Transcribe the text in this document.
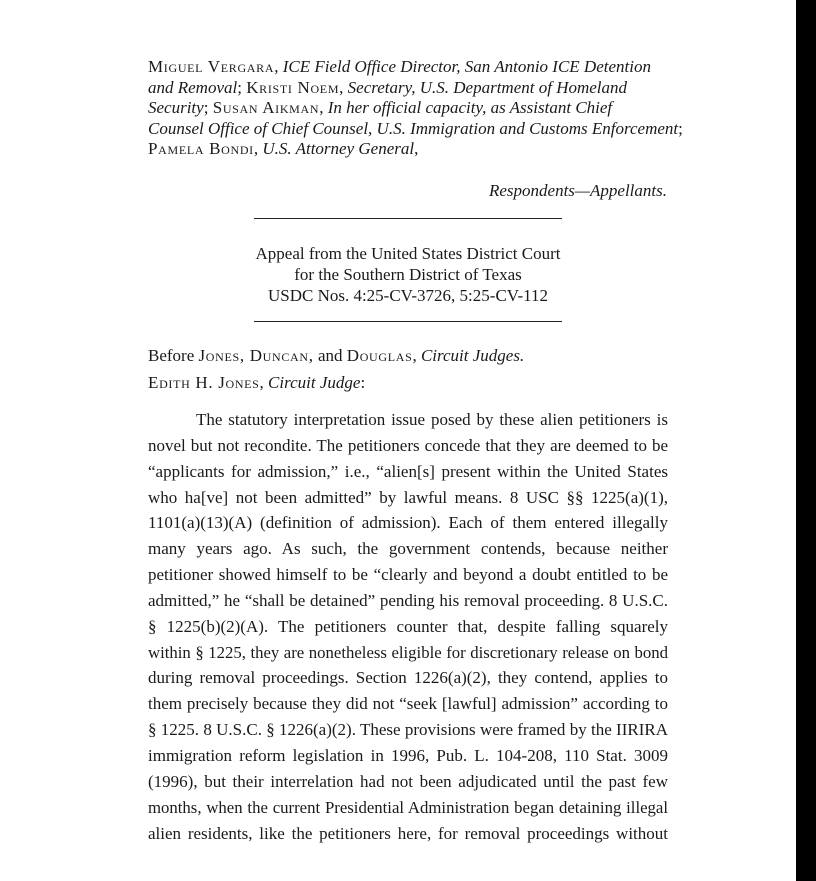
Miguel Vergara, ICE Field Office Director, San Antonio ICE Detention
and Removal; Kristi Noem, Secretary, U.S. Department of Homeland
Security; Susan Aikman, In her official capacity, as Assistant Chief
Counsel Office of Chief Counsel, U.S. Immigration and Customs Enforcement;
Pamela Bondi, U.S. Attorney General,
Respondents—Appellants.
Appeal from the United States District Court
for the Southern District of Texas
USDC Nos. 4:25-CV-3726, 5:25-CV-112
Before Jones, Duncan, and Douglas, Circuit Judges.
Edith H. Jones, Circuit Judge:
The statutory interpretation issue posed by these alien petitioners is
novel but not recondite. The petitioners concede that they are deemed to be
“applicants for admission,” i.e., “alien[s] present within the United States
who ha[ve] not been admitted” by lawful means. 8 USC §§ 1225(a)(1),
1101(a)(13)(A) (definition of admission). Each of them entered illegally
many years ago. As such, the government contends, because neither
petitioner showed himself to be “clearly and beyond a doubt entitled to be
admitted,” he “shall be detained” pending his removal proceeding. 8 U.S.C.
§ 1225(b)(2)(A). The petitioners counter that, despite falling squarely
within § 1225, they are nonetheless eligible for discretionary release on bond
during removal proceedings. Section 1226(a)(2), they contend, applies to
them precisely because they did not “seek [lawful] admission” according to
§ 1225. 8 U.S.C. § 1226(a)(2). These provisions were framed by the IIRIRA
immigration reform legislation in 1996, Pub. L. 104-208, 110 Stat. 3009
(1996), but their interrelation had not been adjudicated until the past few
months, when the current Presidential Administration began detaining illegal
alien residents, like the petitioners here, for removal proceedings without
